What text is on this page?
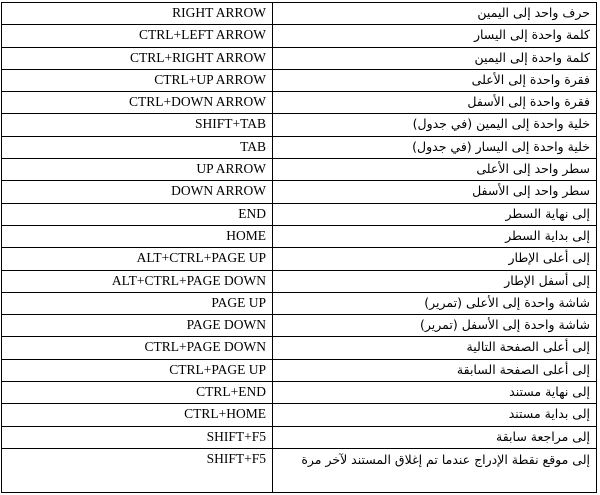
RIGHT ARROW	حرف واحد إلى اليمين
CTRL+LEFT ARROW	كلمة واحدة إلى اليسار
CTRL+RIGHT ARROW	كلمة واحدة إلى اليمين
CTRL+UP ARROW	فقرة واحدة إلى الأعلى
CTRL+DOWN ARROW	فقرة واحدة إلى الأسفل
SHIFT+TAB	خلية واحدة إلى اليمين (في جدول)
TAB	خلية واحدة إلى اليسار (في جدول)
UP ARROW	سطر واحد إلى الأعلى
DOWN ARROW	سطر واحد إلى الأسفل
END	إلى نهاية السطر
HOME	إلى بداية السطر
ALT+CTRL+PAGE UP	إلى أعلى الإطار
ALT+CTRL+PAGE DOWN	إلى أسفل الإطار
PAGE UP	شاشة واحدة إلى الأعلى (تمرير)
PAGE DOWN	شاشة واحدة إلى الأسفل (تمرير)
CTRL+PAGE DOWN	إلى أعلى الصفحة التالية
CTRL+PAGE UP	إلى أعلى الصفحة السابقة
CTRL+END	إلى نهاية مستند
CTRL+HOME	إلى بداية مستند
SHIFT+F5	إلى مراجعة سابقة
SHIFT+F5	إلى موقع نقطة الإدراج عندما تم إغلاق المستند لآخر مرة
